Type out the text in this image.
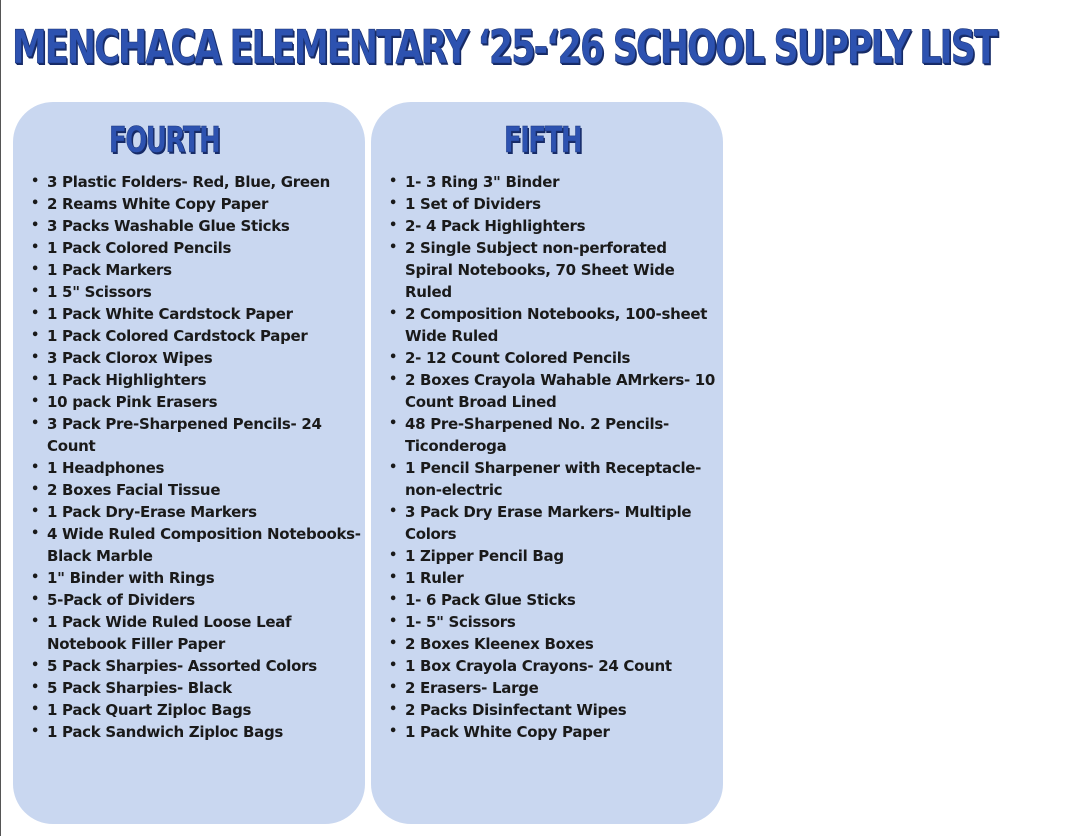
MENCHACA ELEMENTARY ‘25-‘26 SCHOOL SUPPLY LIST
FOURTH
• 3 Plastic Folders- Red, Blue, Green
• 2 Reams White Copy Paper
• 3 Packs Washable Glue Sticks
• 1 Pack Colored Pencils
• 1 Pack Markers
• 1 5" Scissors
• 1 Pack White Cardstock Paper
• 1 Pack Colored Cardstock Paper
• 3 Pack Clorox Wipes
• 1 Pack Highlighters
• 10 pack Pink Erasers
• 3 Pack Pre-Sharpened Pencils- 24 Count
• 1 Headphones
• 2 Boxes Facial Tissue
• 1 Pack Dry-Erase Markers
• 4 Wide Ruled Composition Notebooks- Black Marble
• 1" Binder with Rings
• 5-Pack of Dividers
• 1 Pack Wide Ruled Loose Leaf Notebook Filler Paper
• 5 Pack Sharpies- Assorted Colors
• 5 Pack Sharpies- Black
• 1 Pack Quart Ziploc Bags
• 1 Pack Sandwich Ziploc Bags
FIFTH
• 1- 3 Ring 3" Binder
• 1 Set of Dividers
• 2- 4 Pack Highlighters
• 2 Single Subject non-perforated Spiral Notebooks, 70 Sheet Wide Ruled
• 2 Composition Notebooks, 100-sheet Wide Ruled
• 2- 12 Count Colored Pencils
• 2 Boxes Crayola Wahable AMrkers- 10 Count Broad Lined
• 48 Pre-Sharpened No. 2 Pencils- Ticonderoga
• 1 Pencil Sharpener with Receptacle- non-electric
• 3 Pack Dry Erase Markers- Multiple Colors
• 1 Zipper Pencil Bag
• 1 Ruler
• 1- 6 Pack Glue Sticks
• 1- 5" Scissors
• 2 Boxes Kleenex Boxes
• 1 Box Crayola Crayons- 24 Count
• 2 Erasers- Large
• 2 Packs Disinfectant Wipes
• 1 Pack White Copy Paper
